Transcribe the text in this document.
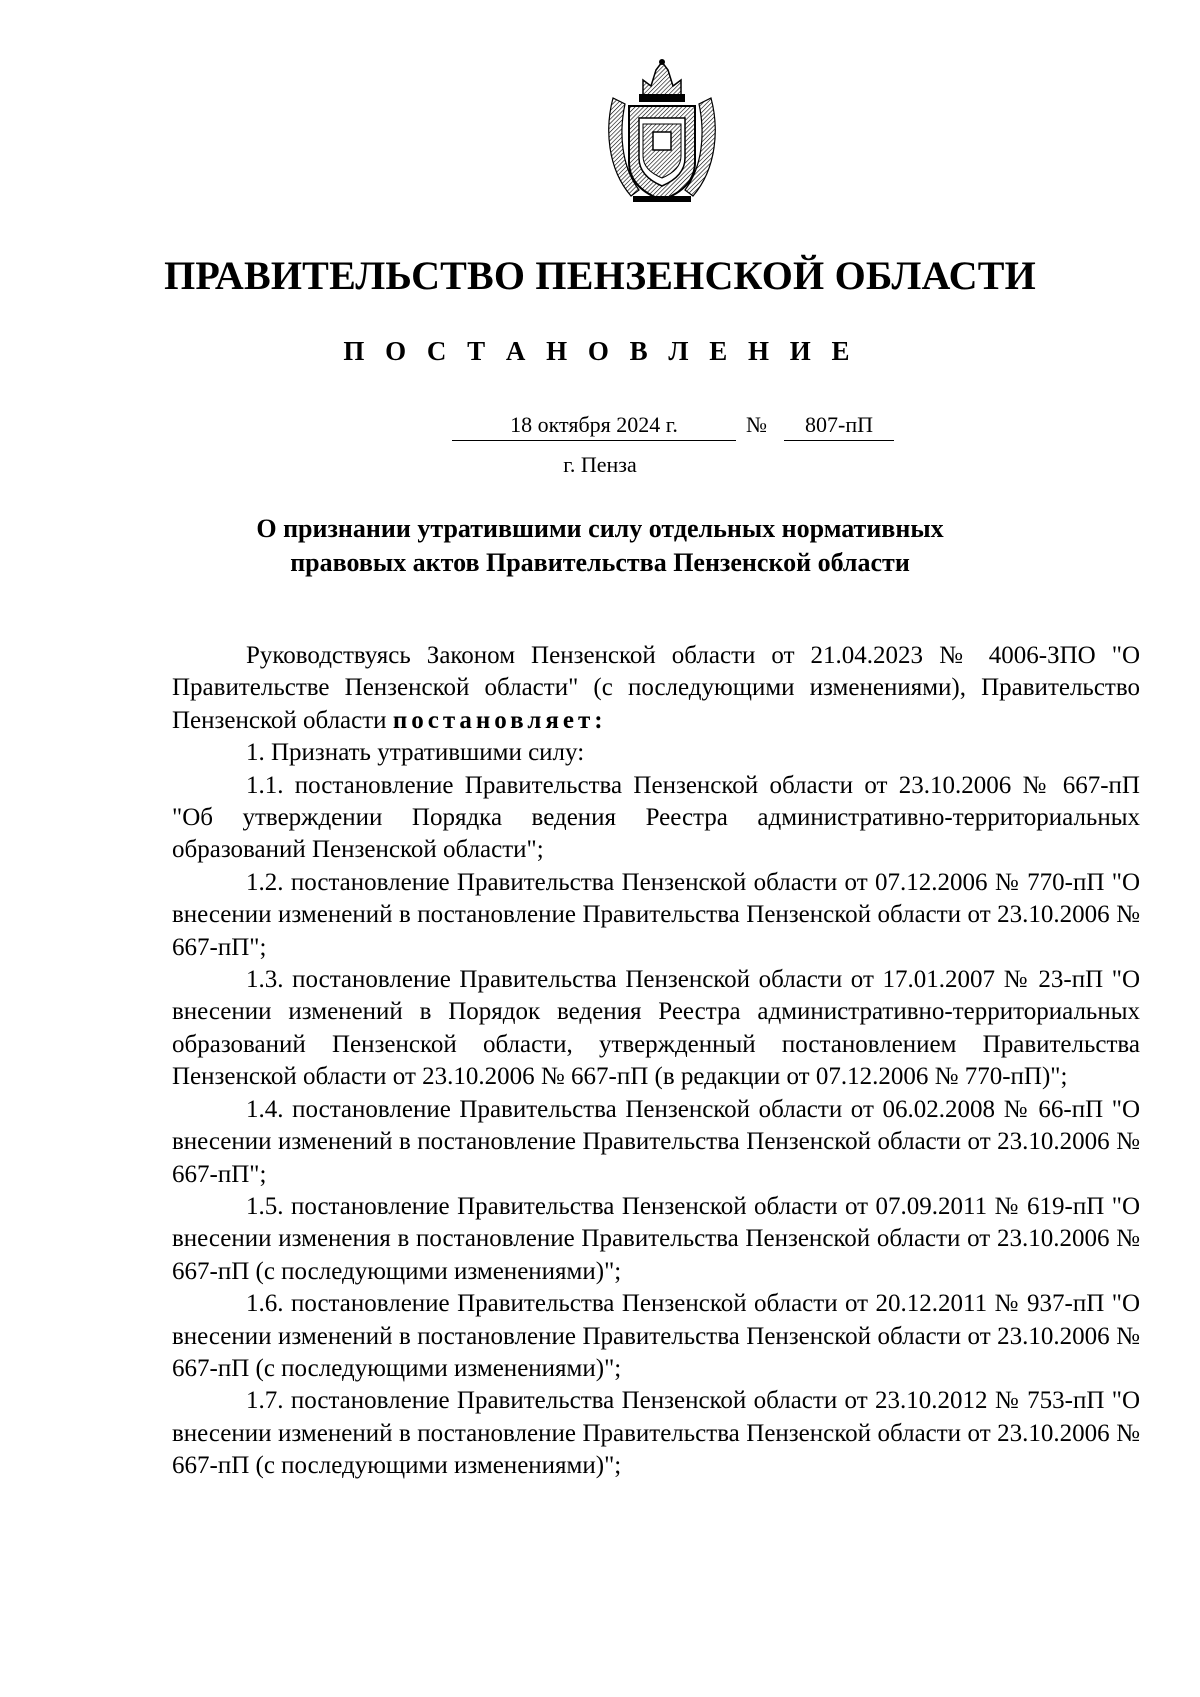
ПРАВИТЕЛЬСТВО ПЕНЗЕНСКОЙ ОБЛАСТИ
П О С Т А Н О В Л Е Н И Е
18 октября 2024 г.	№	807-пП
г. Пенза
О признании утратившими силу отдельных нормативных
правовых актов Правительства Пензенской области

Руководствуясь Законом Пензенской области от 21.04.2023 № 4006-ЗПО "О Правительстве Пензенской области" (с последующими изменениями), Правительство Пензенской области постановляет:

1. Признать утратившими силу:

1.1. постановление Правительства Пензенской области от 23.10.2006 № 667-пП "Об утверждении Порядка ведения Реестра административно-территориальных образований Пензенской области";

1.2. постановление Правительства Пензенской области от 07.12.2006 № 770-пП "О внесении изменений в постановление Правительства Пензенской области от 23.10.2006 № 667-пП";

1.3. постановление Правительства Пензенской области от 17.01.2007 № 23-пП "О внесении изменений в Порядок ведения Реестра административно-территориальных образований Пензенской области, утвержденный постановлением Правительства Пензенской области от 23.10.2006 № 667-пП (в редакции от 07.12.2006 № 770-пП)";

1.4. постановление Правительства Пензенской области от 06.02.2008 № 66-пП "О внесении изменений в постановление Правительства Пензенской области от 23.10.2006 № 667-пП";

1.5. постановление Правительства Пензенской области от 07.09.2011 № 619-пП "О внесении изменения в постановление Правительства Пензенской области от 23.10.2006 № 667-пП (с последующими изменениями)";

1.6. постановление Правительства Пензенской области от 20.12.2011 № 937-пП "О внесении изменений в постановление Правительства Пензенской области от 23.10.2006 № 667-пП (с последующими изменениями)";

1.7. постановление Правительства Пензенской области от 23.10.2012 № 753-пП "О внесении изменений в постановление Правительства Пензенской области от 23.10.2006 № 667-пП (с последующими изменениями)";
